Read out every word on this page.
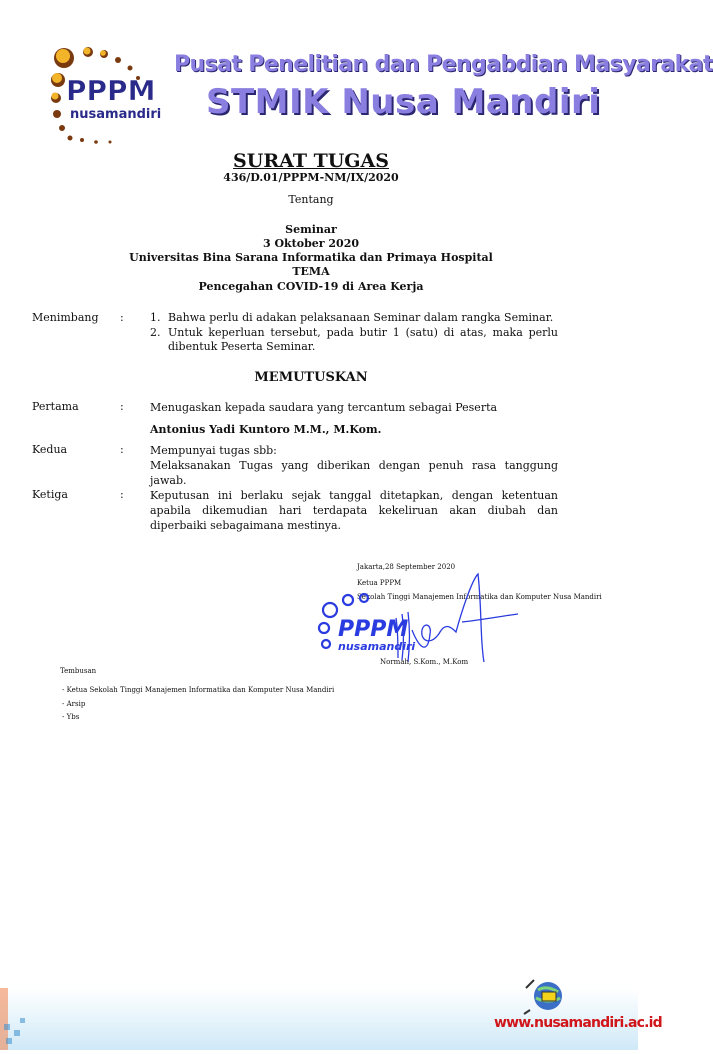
PPPM
nusamandiri
Pusat Penelitian dan Pengabdian Masyarakat
STMIK Nusa Mandiri
SURAT TUGAS
436/D.01/PPPM-NM/IX/2020
Tentang
Seminar
3 Oktober 2020
Universitas Bina Sarana Informatika dan Primaya Hospital
TEMA
Pencegahan COVID-19 di Area Kerja
Menimbang : 1. Bahwa perlu di adakan pelaksanaan Seminar dalam rangka Seminar.
2. Untuk keperluan tersebut, pada butir 1 (satu) di atas, maka perlu dibentuk Peserta Seminar.
MEMUTUSKAN
Pertama	: Menugaskan kepada saudara yang tercantum sebagai Peserta
Antonius Yadi Kuntoro M.M., M.Kom.
Kedua	: Mempunyai tugas sbb:
Melaksanakan Tugas yang diberikan dengan penuh rasa tanggung jawab.
Ketiga	: Keputusan ini berlaku sejak tanggal ditetapkan, dengan ketentuan apabila dikemudian hari terdapata kekeliruan akan diubah dan diperbaiki sebagaimana mestinya.
Jakarta,28 September 2020
Ketua PPPM
Sekolah Tinggi Manajemen Informatika dan Komputer Nusa Mandiri
PPPM
nusamandiri
Normah, S.Kom., M.Kom
Tembusan
- Ketua Sekolah Tinggi Manajemen Informatika dan Komputer Nusa Mandiri
- Arsip
- Ybs
www.nusamandiri.ac.id
